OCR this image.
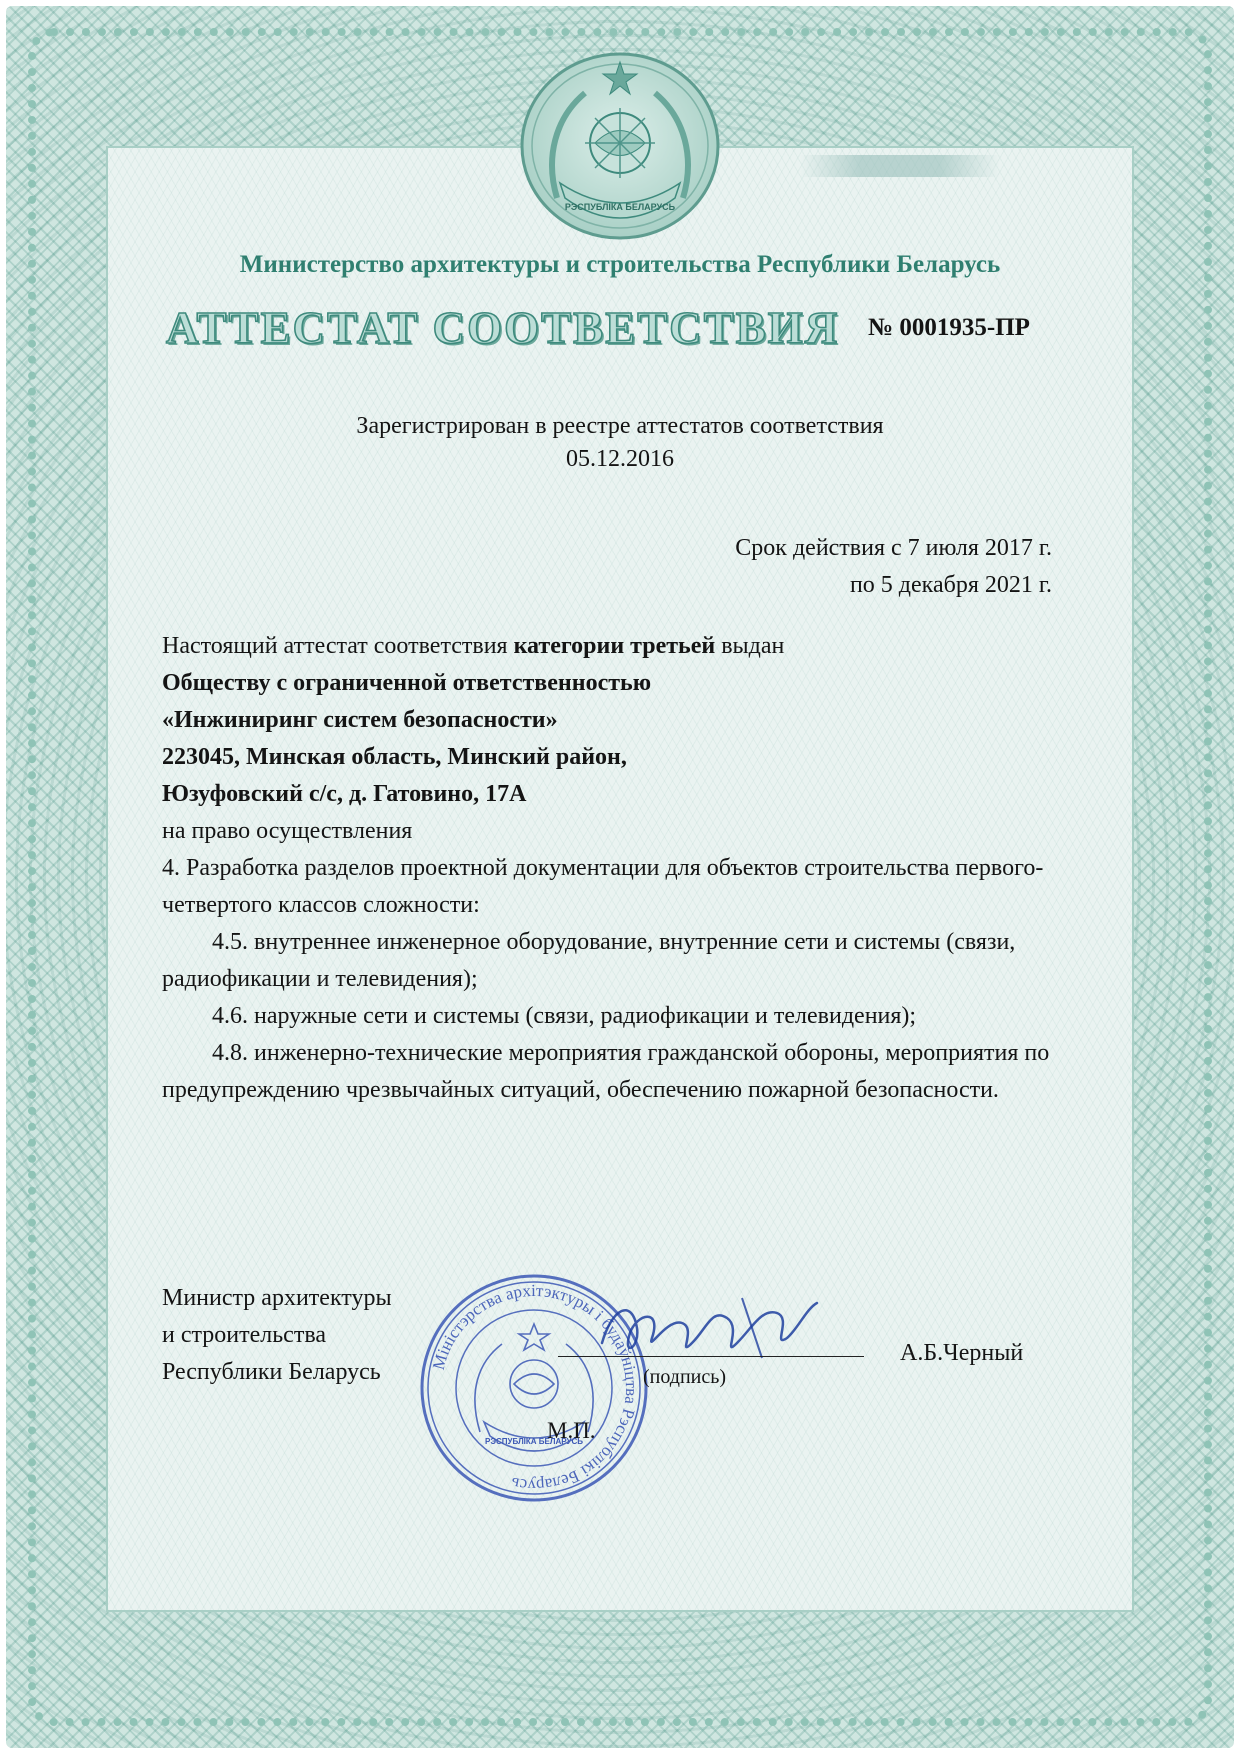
РЭСПУБЛІКА БЕЛАРУСЬ
Министерство архитектуры и строительства Республики Беларусь
АТТЕСТАТ СООТВЕТСТВИЯ № 0001935-ПР
Зарегистрирован в реестре аттестатов соответствия
05.12.2016
Срок действия с 7 июля 2017 г.
по 5 декабря 2021 г.

Настоящий аттестат соответствия категории третьей выдан

Обществу с ограниченной ответственностью

«Инжиниринг систем безопасности»

223045, Минская область, Минский район,

Юзуфовский с/с, д. Гатовино, 17А

на право осуществления

4. Разработка разделов проектной документации для объектов строительства первого-четвертого классов сложности:

4.5. внутреннее инженерное оборудование, внутренние сети и системы (связи, радиофикации и телевидения);

4.6. наружные сети и системы (связи, радиофикации и телевидения);

4.8. инженерно-технические мероприятия гражданской обороны, мероприятия по предупреждению чрезвычайных ситуаций, обеспечению пожарной безопасности.

Министр архитектуры
и строительства
Республики Беларусь	Міністэрства архітэктуры і будаўніцтва Рэспублікі Беларусь
РЭСПУБЛІКА БЕЛАРУСЬ
(подпись)
М.П.
А.Б.Черный
